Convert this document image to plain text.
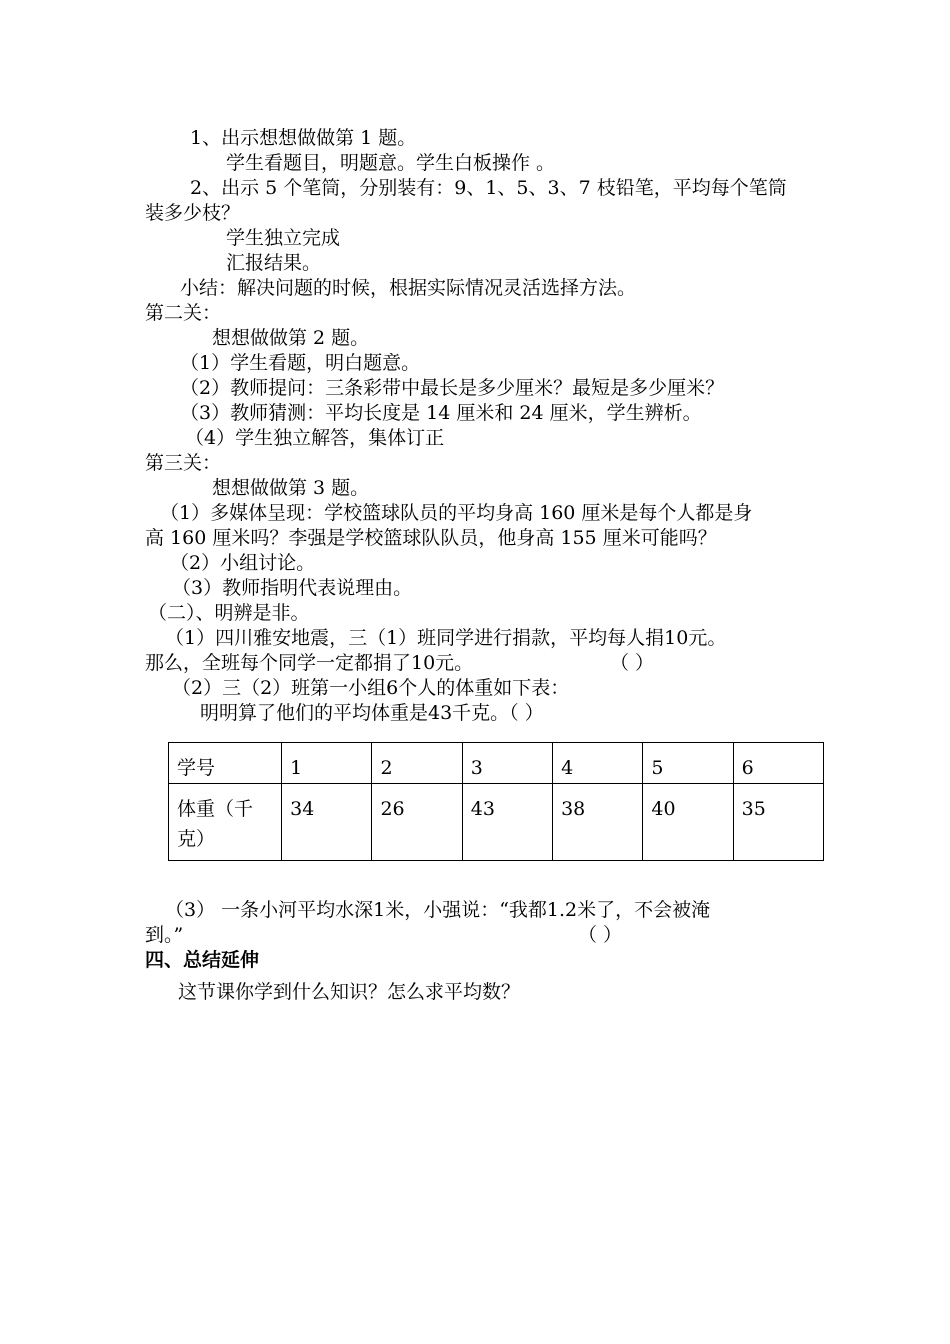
1、出示想想做做第 1 题。
学生看题目，明题意。学生白板操作 。
2、出示 5 个笔筒，分别装有：9、1、5、3、7 枝铅笔，平均每个笔筒
装多少枝？
学生独立完成
汇报结果。
小结：解决问题的时候，根据实际情况灵活选择方法。
第二关：
想想做做第 2 题。
（1）学生看题，明白题意。
（2）教师提问：三条彩带中最长是多少厘米？最短是多少厘米？
（3）教师猜测：平均长度是 14 厘米和 24 厘米，学生辨析。
（4）学生独立解答，集体订正
第三关：
想想做做第 3 题。
（1）多媒体呈现：学校篮球队员的平均身高 160 厘米是每个人都是身
高 160 厘米吗？李强是学校篮球队队员，他身高 155 厘米可能吗？
（2）小组讨论。
（3）教师指明代表说理由。
（二）、明辨是非。
（1）四川雅安地震，三（1）班同学进行捐款，平均每人捐10元。
那么，全班每个同学一定都捐了10元。	（ ）
（2）三（2）班第一小组6个人的体重如下表：
明明算了他们的平均体重是43千克。（ ）
学号	1	2	3	4	5	6
体重（千克）	34	26	43	38	40	35
（3） 一条小河平均水深1米，小强说：“我都1.2米了，不会被淹
到。”	（ ）
四、总结延伸
这节课你学到什么知识？怎么求平均数？
